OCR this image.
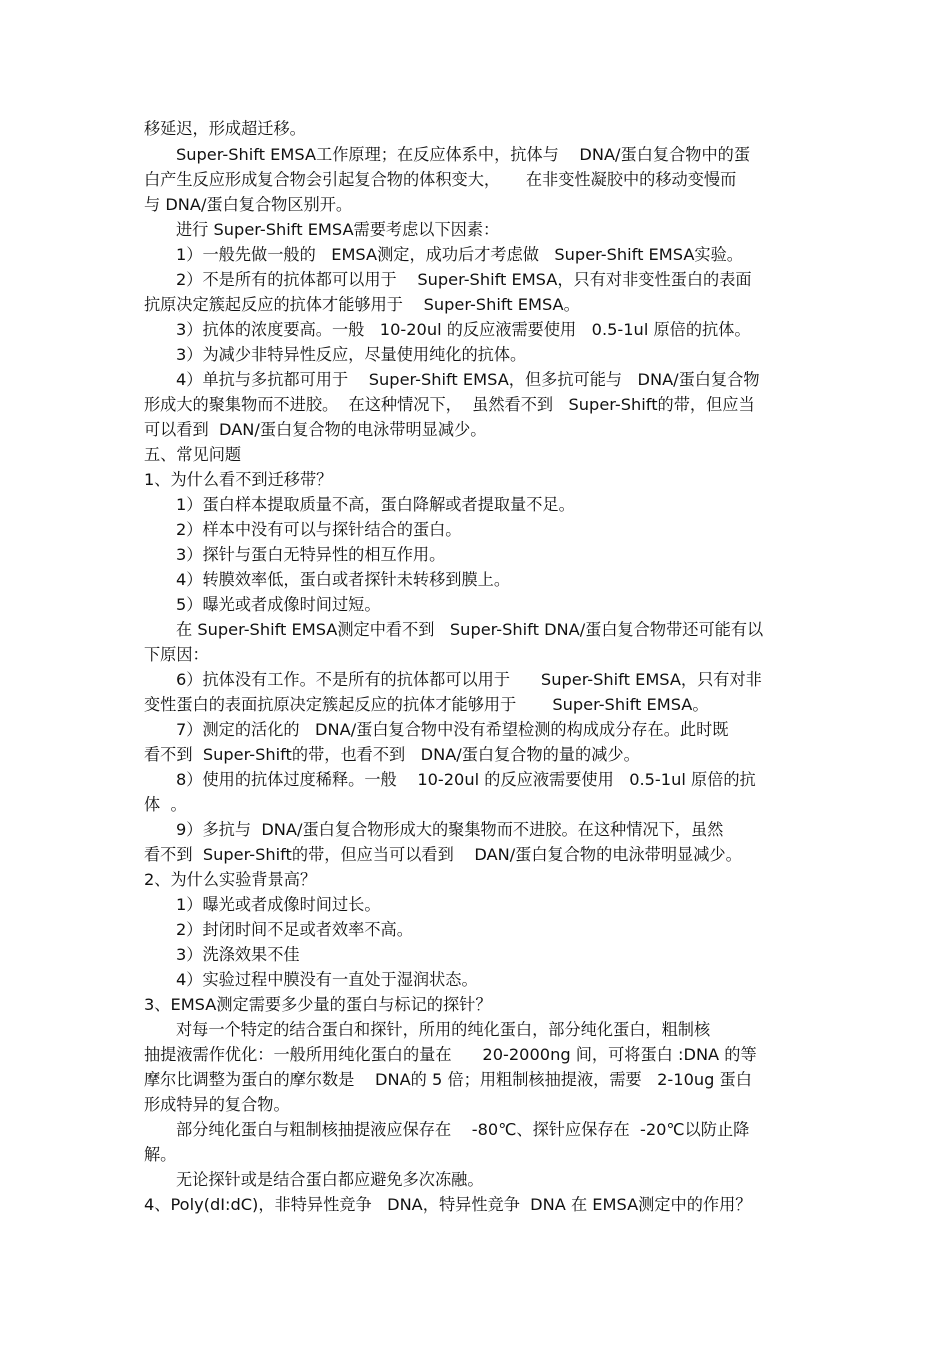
移延迟，形成超迁移。
Super-Shift EMSA工作原理；在反应体系中，抗体与    DNA/蛋白复合物中的蛋
白产生反应形成复合物会引起复合物的体积变大，     在非变性凝胶中的移动变慢而
与 DNA/蛋白复合物区别开。
进行 Super-Shift EMSA需要考虑以下因素：
1）一般先做一般的   EMSA测定，成功后才考虑做   Super-Shift EMSA实验。
2）不是所有的抗体都可以用于    Super-Shift EMSA，只有对非变性蛋白的表面
抗原决定簇起反应的抗体才能够用于    Super-Shift EMSA。
3）抗体的浓度要高。一般   10-20ul 的反应液需要使用   0.5-1ul 原倍的抗体。
3）为减少非特异性反应，尽量使用纯化的抗体。
4）单抗与多抗都可用于    Super-Shift EMSA，但多抗可能与   DNA/蛋白复合物
形成大的聚集物而不进胶。  在这种情况下，  虽然看不到   Super-Shift的带，但应当
可以看到  DAN/蛋白复合物的电泳带明显减少。
五、常见问题
1、为什么看不到迁移带？
1）蛋白样本提取质量不高，蛋白降解或者提取量不足。
2）样本中没有可以与探针结合的蛋白。
3）探针与蛋白无特异性的相互作用。
4）转膜效率低，蛋白或者探针未转移到膜上。
5）曝光或者成像时间过短。
在 Super-Shift EMSA测定中看不到   Super-Shift DNA/蛋白复合物带还可能有以
下原因：
6）抗体没有工作。不是所有的抗体都可以用于      Super-Shift EMSA，只有对非
变性蛋白的表面抗原决定簇起反应的抗体才能够用于       Super-Shift EMSA。
7）测定的活化的   DNA/蛋白复合物中没有希望检测的构成成分存在。此时既
看不到  Super-Shift的带，也看不到   DNA/蛋白复合物的量的减少。
8）使用的抗体过度稀释。一般    10-20ul 的反应液需要使用   0.5-1ul 原倍的抗
体  。
9）多抗与  DNA/蛋白复合物形成大的聚集物而不进胶。在这种情况下，虽然
看不到  Super-Shift的带，但应当可以看到    DAN/蛋白复合物的电泳带明显减少。
2、为什么实验背景高？
1）曝光或者成像时间过长。
2）封闭时间不足或者效率不高。
3）洗涤效果不佳
4）实验过程中膜没有一直处于湿润状态。
3、EMSA测定需要多少量的蛋白与标记的探针？
对每一个特定的结合蛋白和探针，所用的纯化蛋白，部分纯化蛋白，粗制核
抽提液需作优化：一般所用纯化蛋白的量在      20-2000ng 间，可将蛋白 :DNA 的等
摩尔比调整为蛋白的摩尔数是    DNA的 5 倍；用粗制核抽提液，需要   2-10ug 蛋白
形成特异的复合物。
部分纯化蛋白与粗制核抽提液应保存在    -80℃、探针应保存在  -20℃以防止降
解。
无论探针或是结合蛋白都应避免多次冻融。
4、Poly(dI:dC)，非特异性竞争   DNA，特异性竞争  DNA 在 EMSA测定中的作用？
